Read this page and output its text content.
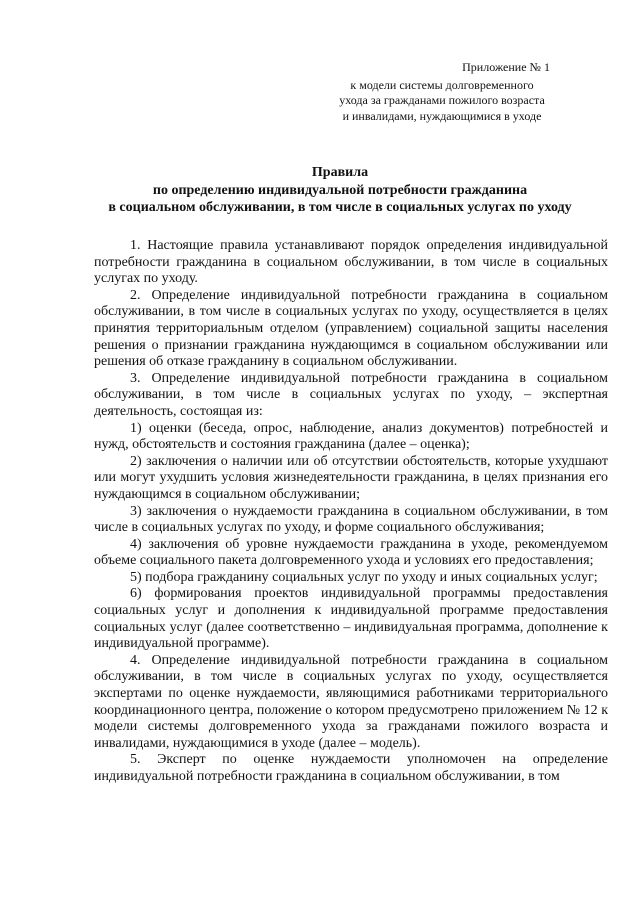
Приложение № 1
к модели системы долговременного
ухода за гражданами пожилого возраста
и инвалидами, нуждающимися в уходе
Правила
по определению индивидуальной потребности гражданина
в социальном обслуживании, в том числе в социальных услугах по уходу

1. Настоящие правила устанавливают порядок определения индивидуальной потребности гражданина в социальном обслуживании, в том числе в социальных услугах по уходу.

2. Определение индивидуальной потребности гражданина в социальном обслуживании, в том числе в социальных услугах по уходу, осуществляется в целях принятия территориальным отделом (управлением) социальной защиты населения решения о признании гражданина нуждающимся в социальном обслуживании или решения об отказе гражданину в социальном обслуживании.

3. Определение индивидуальной потребности гражданина в социальном обслуживании, в том числе в социальных услугах по уходу, – экспертная деятельность, состоящая из:

1) оценки (беседа, опрос, наблюдение, анализ документов) потребностей и нужд, обстоятельств и состояния гражданина (далее – оценка);

2) заключения о наличии или об отсутствии обстоятельств, которые ухудшают или могут ухудшить условия жизнедеятельности гражданина, в целях признания его нуждающимся в социальном обслуживании;

3) заключения о нуждаемости гражданина в социальном обслуживании, в том числе в социальных услугах по уходу, и форме социального обслуживания;

4) заключения об уровне нуждаемости гражданина в уходе, рекомендуемом объеме социального пакета долговременного ухода и условиях его предоставления;

5) подбора гражданину социальных услуг по уходу и иных социальных услуг;

6) формирования проектов индивидуальной программы предоставления социальных услуг и дополнения к индивидуальной программе предоставления социальных услуг (далее соответственно – индивидуальная программа, дополнение к индивидуальной программе).

4. Определение индивидуальной потребности гражданина в социальном обслуживании, в том числе в социальных услугах по уходу, осуществляется экспертами по оценке нуждаемости, являющимися работниками территориального координационного центра, положение о котором предусмотрено приложением № 12 к модели системы долговременного ухода за гражданами пожилого возраста и инвалидами, нуждающимися в уходе (далее – модель).

5. Эксперт по оценке нуждаемости уполномочен на определение индивидуальной потребности гражданина в социальном обслуживании, в том
